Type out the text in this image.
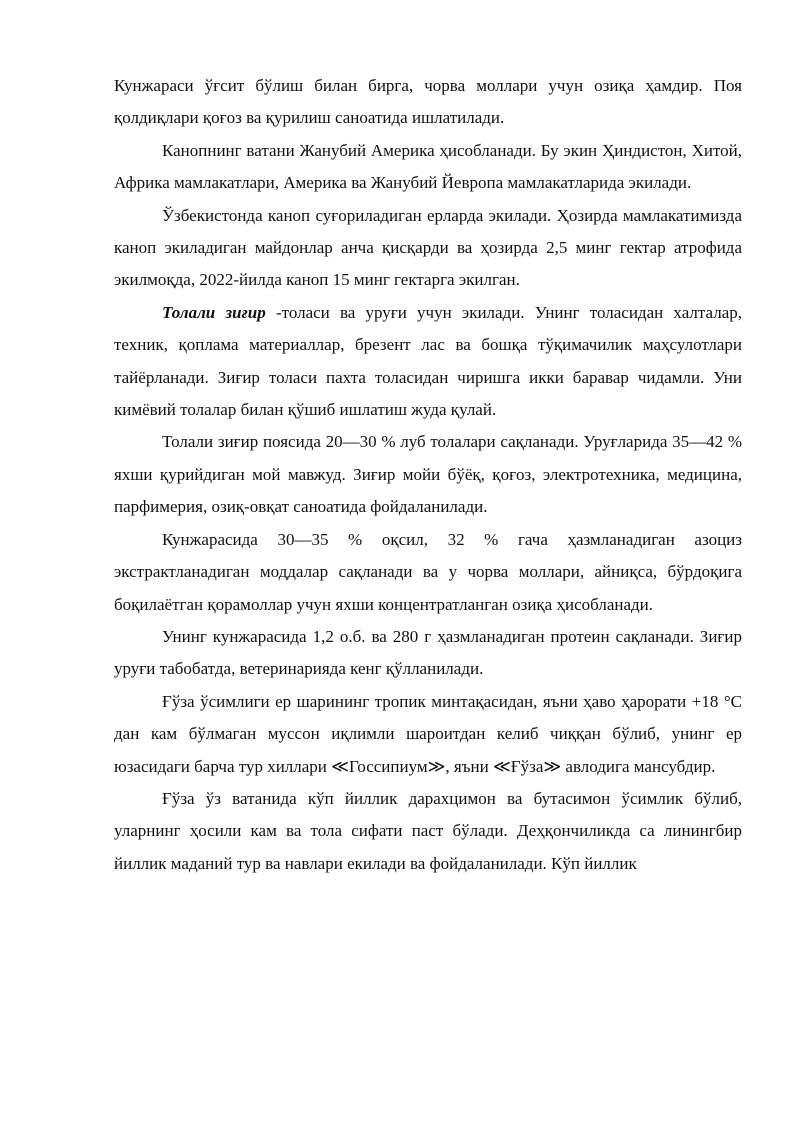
Кунжараси ўғсит бўлиш билан бирга, чорва моллари учун озиқа ҳамдир. Поя қолдиқлари қоғоз ва қурилиш саноатида ишлатилади.

Канопнинг ватани Жанубий Америка ҳисобланади. Бу экин Ҳиндистон, Хитой, Африка мамлакатлари, Америка ва Жанубий Йевропа мамлакатларида экилади.

Ўзбекистонда каноп суғориладиган ерларда экилади. Ҳозирда мамлакатимизда каноп экиладиган майдонлар анча қисқарди ва ҳозирда 2,5 минг гектар атрофида экилмоқда, 2022-йилда каноп 15 минг гектарга экилган.

Толали зиғир -толаси ва уруғи учун экилади. Унинг толасидан халталар, техник, қоплама материаллар, брезент лас ва бошқа тўқимачилик маҳсулотлари тайёрланади. Зиғир толаси пахта толасидан чиришга икки баравар чидамли. Уни кимёвий толалар билан қўшиб ишлатиш жуда қулай.

Толали зиғир поясида 20—30 % луб толалари сақланади. Уруғларида 35—42 % яхши қурийдиган мой мавжуд. Зиғир мойи бўёқ, қоғоз, электротехника, медицина, парфимерия, озиқ-овқат саноатида фойдаланилади.

Кунжарасида 30—35 % оқсил, 32 % гача ҳазмланадиган азоциз экстрактланадиган моддалар сақланади ва у чорва моллари, айниқса, бўрдоқига боқилаётган қорамоллар учун яхши концентратланган озиқа ҳисобланади.

Унинг кунжарасида 1,2 о.б. ва 280 г ҳазмланадиган протеин сақланади. Зиғир уруғи табобатда, ветеринарияда кенг қўлланилади.

Ғўза ўсимлиги ер шарининг тропик минтақасидан, яъни ҳаво ҳарорати +18 °С дан кам бўлмаган муссон иқлимли шароитдан келиб чиққан бўлиб, унинг ер юзасидаги барча тур хиллари ≪Госсипиум≫, яъни ≪Ғўза≫ авлодига мансубдир.

Ғўза ўз ватанида кўп йиллик дарахцимон ва бутасимон ўсимлик бўлиб, уларнинг ҳосили кам ва тола сифати паст бўлади. Деҳқончиликда са линингбир йиллик маданий тур ва навлари екилади ва фойдаланилади. Кўп йиллик
